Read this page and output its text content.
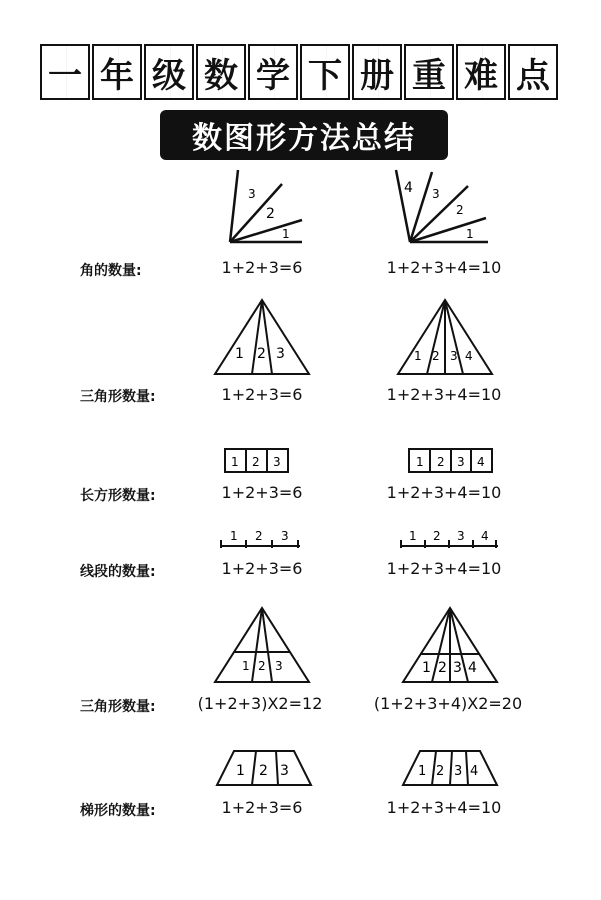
一 年 级 数 学 下 册 重 难 点
数图形方法总结
1
2
3
1
2
3
4
角的数量:	1+2+3=6	1+2+3+4=10
1 2 3	1 2 3 4
三角形数量:	1+2+3=6	1+2+3+4=10
1 2 3	1 2 3 4
长方形数量:	1+2+3=6	1+2+3+4=10
1 2 3	1 2 3 4
线段的数量:	1+2+3=6	1+2+3+4=10
1 2 3	1 2 3 4
三角形数量:	(1+2+3)X2=12	(1+2+3+4)X2=20
1 2 3	1 2 3 4
梯形的数量:	1+2+3=6	1+2+3+4=10
